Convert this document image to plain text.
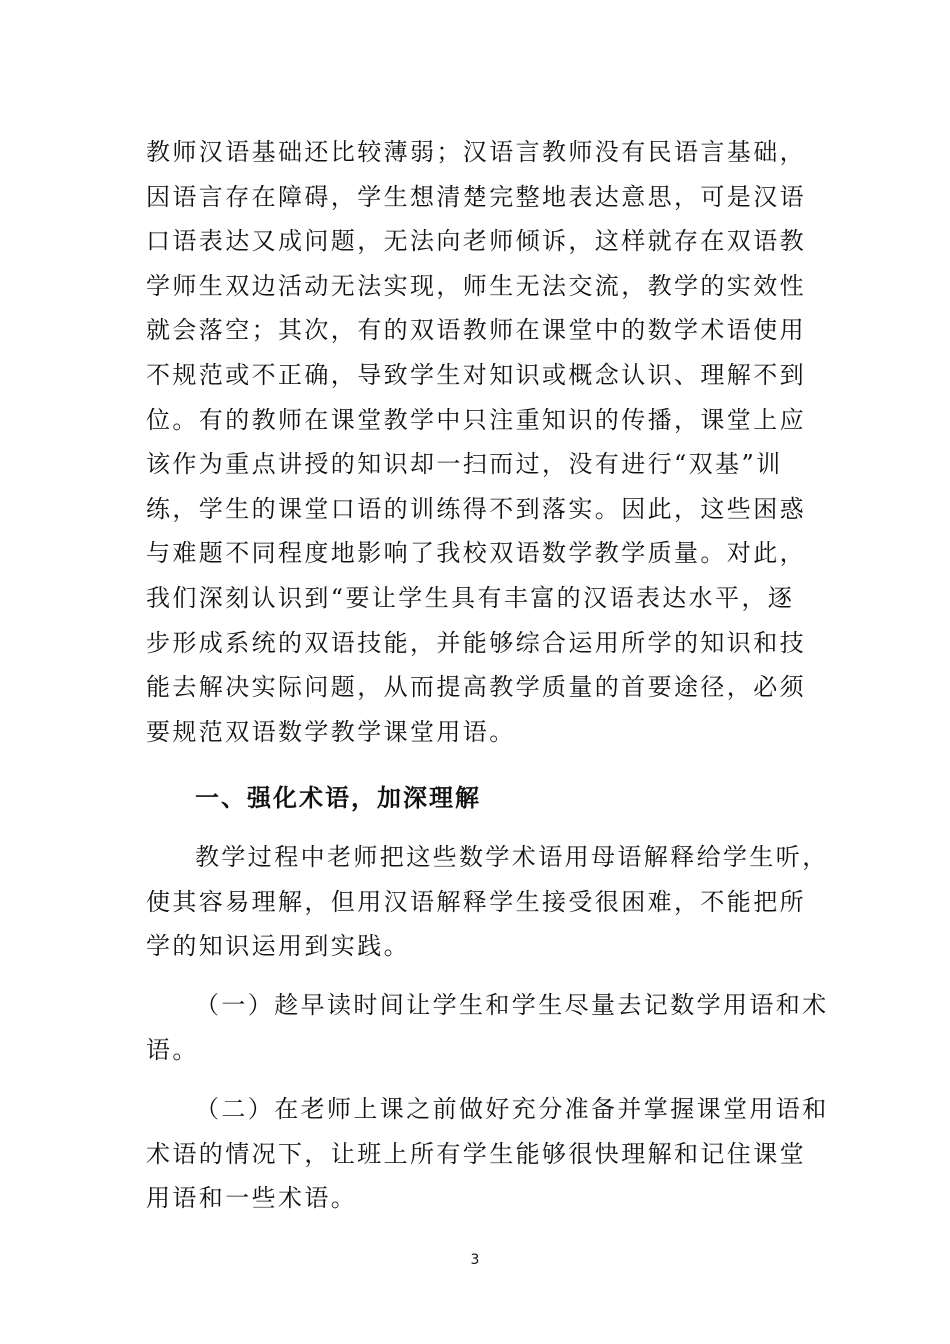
教师汉语基础还比较薄弱；汉语言教师没有民语言基础，
因语言存在障碍，学生想清楚完整地表达意思，可是汉语
口语表达又成问题，无法向老师倾诉，这样就存在双语教
学师生双边活动无法实现，师生无法交流，教学的实效性
就会落空；其次，有的双语教师在课堂中的数学术语使用
不规范或不正确，导致学生对知识或概念认识、理解不到
位。有的教师在课堂教学中只注重知识的传播，课堂上应
该作为重点讲授的知识却一扫而过，没有进行“双基”训
练，学生的课堂口语的训练得不到落实。因此，这些困惑
与难题不同程度地影响了我校双语数学教学质量。对此，
我们深刻认识到“要让学生具有丰富的汉语表达水平，逐
步形成系统的双语技能，并能够综合运用所学的知识和技
能去解决实际问题，从而提高教学质量的首要途径，必须
要规范双语数学教学课堂用语。
一、强化术语，加深理解
教学过程中老师把这些数学术语用母语解释给学生听，
使其容易理解，但用汉语解释学生接受很困难，不能把所
学的知识运用到实践。
（一）趁早读时间让学生和学生尽量去记数学用语和术
语。
（二）在老师上课之前做好充分准备并掌握课堂用语和
术语的情况下，让班上所有学生能够很快理解和记住课堂
用语和一些术语。
3
